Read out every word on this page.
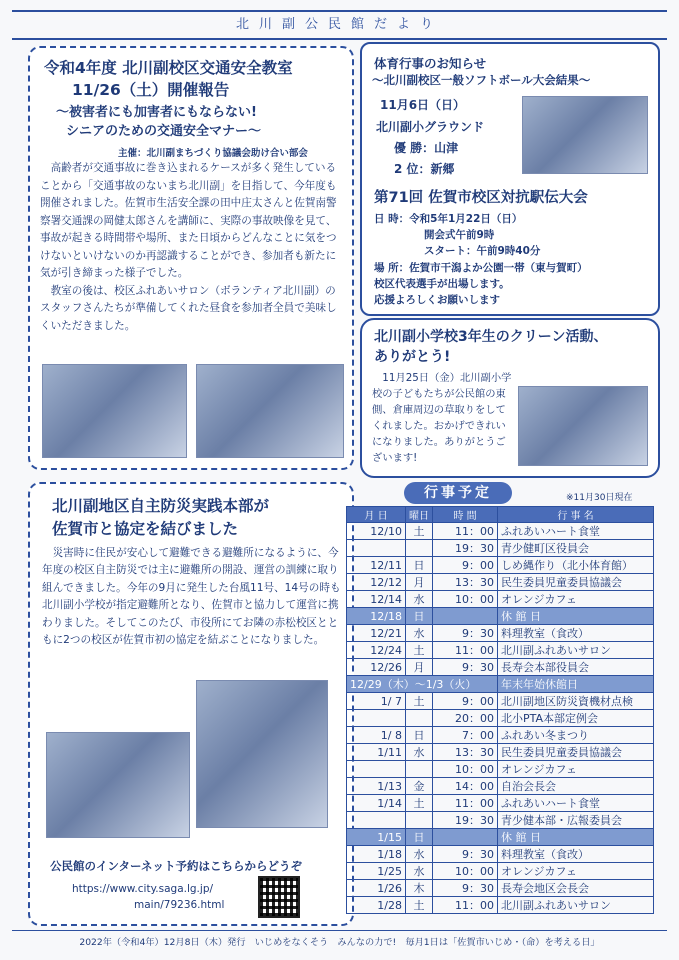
北川副公民館だより
令和4年度 北川副校区交通安全教室
11/26（土）開催報告
～被害者にも加害者にもならない!
シニアのための交通安全マナー～
主催：北川副まちづくり協議会助け合い部会

高齢者が交通事故に巻き込まれるケースが多く発生していることから「交通事故のないまち北川副」を目指して、今年度も開催されました。佐賀市生活安全課の田中庄太さんと佐賀南警察署交通課の岡健太郎さんを講師に、実際の事故映像を見て、事故が起きる時間帯や場所、また日頃からどんなことに気をつけないといけないのか再認識することができ、参加者も新たに気が引き締まった様子でした。

教室の後は、校区ふれあいサロン（ボランティア北川副）のスタッフさんたちが準備してくれた昼食を参加者全員で美味しくいただきました。

体育行事のお知らせ
～北川副校区一般ソフトボール大会結果～
11月6日（日）
北川副小グラウンド
優 勝：山津
2 位：新郷
第71回 佐賀市校区対抗駅伝大会
日 時：令和5年1月22日（日）
開会式午前9時
スタート：午前9時40分
場 所：佐賀市干潟よか公園一帯（東与賀町）
校区代表選手が出場します。
応援よろしくお願いします
北川副小学校3年生のクリーン活動、
ありがとう!
11月25日（金）北川副小学校の子どもたちが公民館の東側、倉庫周辺の草取りをしてくれました。おかげできれいになりました。ありがとうございます!
北川副地区自主防災実践本部が
佐賀市と協定を結びました
災害時に住民が安心して避難できる避難所になるように、今年度の校区自主防災では主に避難所の開設、運営の訓練に取り組んできました。今年の9月に発生した台風11号、14号の時も北川副小学校が指定避難所となり、佐賀市と協力して運営に携わりました。そしてこのたび、市役所にてお隣の赤松校区とともに2つの校区が佐賀市初の協定を結ぶことになりました。
公民館のインターネット予約はこちらからどうぞ
https://www.city.saga.lg.jp/
main/79236.html
行事予定	※11月30日現在
月 日	曜日	時 間	行 事 名
12/10	土	11：00	ふれあいハート食堂
		19：30	青少健町区役員会
12/11	日	9：00	しめ縄作り（北小体育館）
12/12	月	13：30	民生委員児童委員協議会
12/14	水	10：00	オレンジカフェ
12/18	日		休 館 日
12/21	水	9：30	料理教室（食改）
12/24	土	11：00	北川副ふれあいサロン
12/26	月	9：30	長寿会本部役員会
12/29（木）～1/3（火）			年末年始休館日
1/ 7	土	9：00	北川副地区防災資機材点検
		20：00	北小PTA本部定例会
1/ 8	日	7：00	ふれあい冬まつり
1/11	水	13：30	民生委員児童委員協議会
		10：00	オレンジカフェ
1/13	金	14：00	自治会長会
1/14	土	11：00	ふれあいハート食堂
		19：30	青少健本部・広報委員会
1/15	日		休 館 日
1/18	水	9：30	料理教室（食改）
1/25	水	10：00	オレンジカフェ
1/26	木	9：30	長寿会地区会長会
1/28	土	11：00	北川副ふれあいサロン
2022年（令和4年）12月8日（木）発行　いじめをなくそう　みんなの力で!　毎月1日は「佐賀市いじめ・（命）を考える日」
